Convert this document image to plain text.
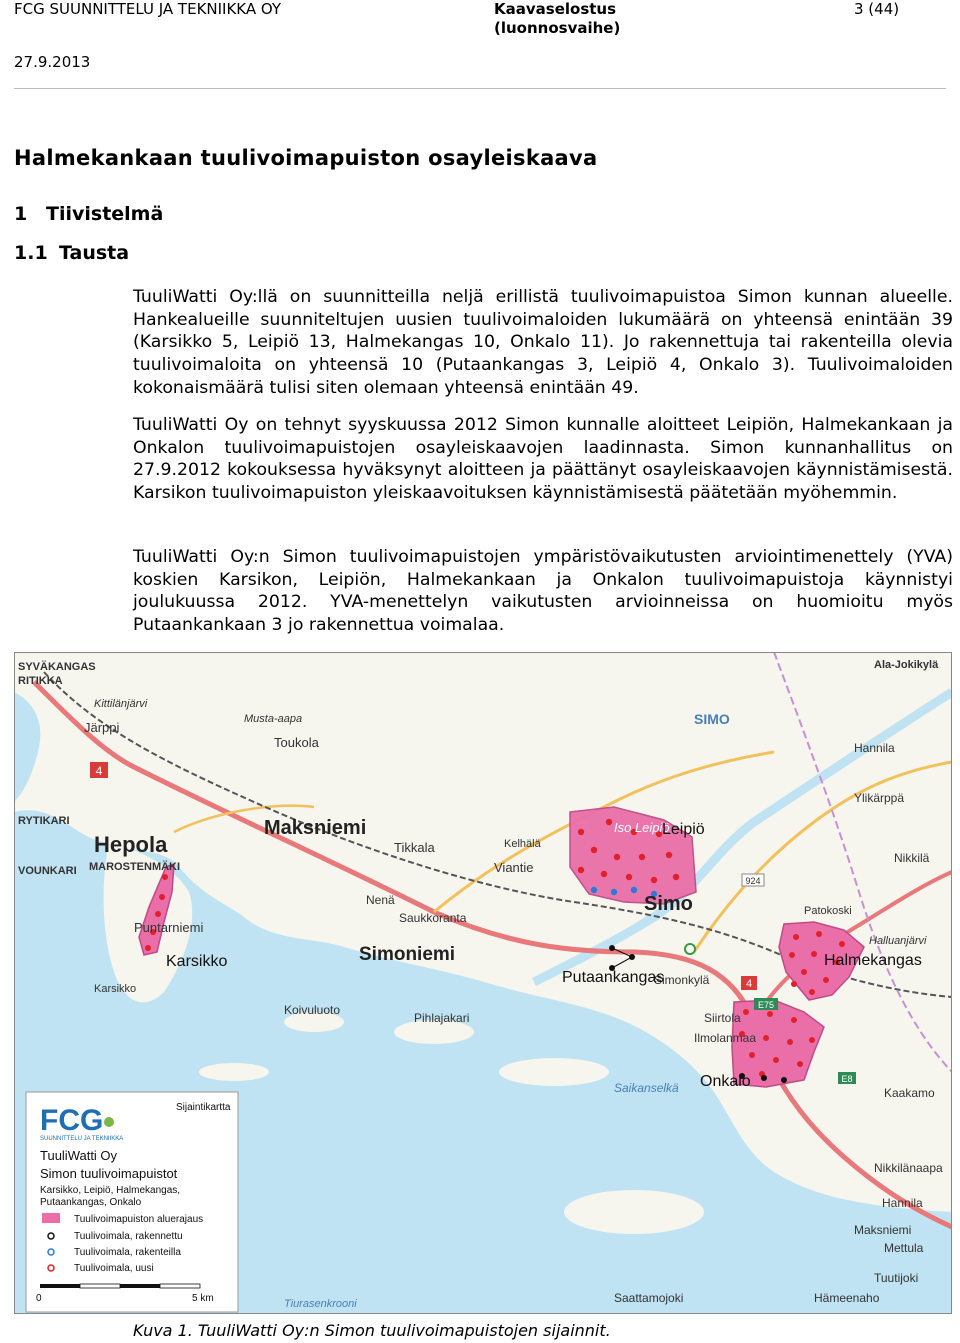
FCG SUUNNITTELU JA TEKNIIKKA OY	Kaavaselostus
(luonnosvaihe)
3 (44)
27.9.2013
Halmekankaan tuulivoimapuiston osayleiskaava
1 Tiivistelmä
1.1 Tausta

TuuliWatti Oy:llä on suunnitteilla neljä erillistä tuulivoimapuistoa Simon kunnan alueelle. Hankealueille suunniteltujen uusien tuulivoimaloiden lukumäärä on yhteensä enintään 39 (Karsikko 5, Leipiö 13, Halmekangas 10, Onkalo 11). Jo rakennettuja tai rakenteilla olevia tuulivoimaloita on yhteensä 10 (Putaankangas 3, Leipiö 4, Onkalo 3). Tuulivoimaloiden kokonaismäärä tulisi siten olemaan yhteensä enintään 49.

TuuliWatti Oy on tehnyt syyskuussa 2012 Simon kunnalle aloitteet Leipiön, Halmekankaan ja Onkalon tuulivoimapuistojen osayleiskaavojen laadinnasta. Simon kunnanhallitus on 27.9.2012 kokouksessa hyväksynyt aloitteen ja päättänyt osayleiskaavojen käynnistämisestä. Karsikon tuulivoimapuiston yleiskaavoituksen käynnistämisestä päätetään myöhemmin.

TuuliWatti Oy:n Simon tuulivoimapuistojen ympäristövaikutusten arviointimenettely (YVA) koskien Karsikon, Leipiön, Halmekankaan ja Onkalon tuulivoimapuistoja käynnistyi joulukuussa 2012. YVA-menettelyn vaikutusten arvioinneissa on huomioitu myös Putaankankaan 3 jo rakennettua voimalaa.

4
4
924
E75
E8
SYVÄKANGAS
RITIKKA
Kittilänjärvi
Järppi
Musta-aapa
Toukola
Ala-Jokikylä
SIMO
Hannila
Ylikärppä
RYTIKARI	Maksniemi
Kelhälä
Iso Leipiö
Hepola
MAROSTENMÄKI
Tikkala
Viantie
Simo
VOUNKARI
Nenä
Saukkoranta
Simoniemi
Puntarniemi
Karsikko
Patokoski
Halluanjärvi
Simonkylä
Koivuluoto
Pihlajakari	Siirtola
Ilmolanmaa
Saikanselkä	Kaakamo
Tiurasenkrooni
Nikkilä
Nikkilänaapa
Hannila
Maksniemi
Mettula
Tuutijoki
Hämeenaho
Saattamojoki
Leipiö
Karsikko
Putaankangas
Halmekangas
Onkalo
FCG
SUUNNITTELU JA TEKNIIKKA
Sijaintikartta
TuuliWatti Oy
Simon tuulivoimapuistot
Karsikko, Leipiö, Halmekangas,
Putaankangas, Onkalo
Tuulivoimapuiston aluerajaus
Tuulivoimala, rakennettu
Tuulivoimala, rakenteilla
Tuulivoimala, uusi
0	5 km
Kuva 1. TuuliWatti Oy:n Simon tuulivoimapuistojen sijainnit.
